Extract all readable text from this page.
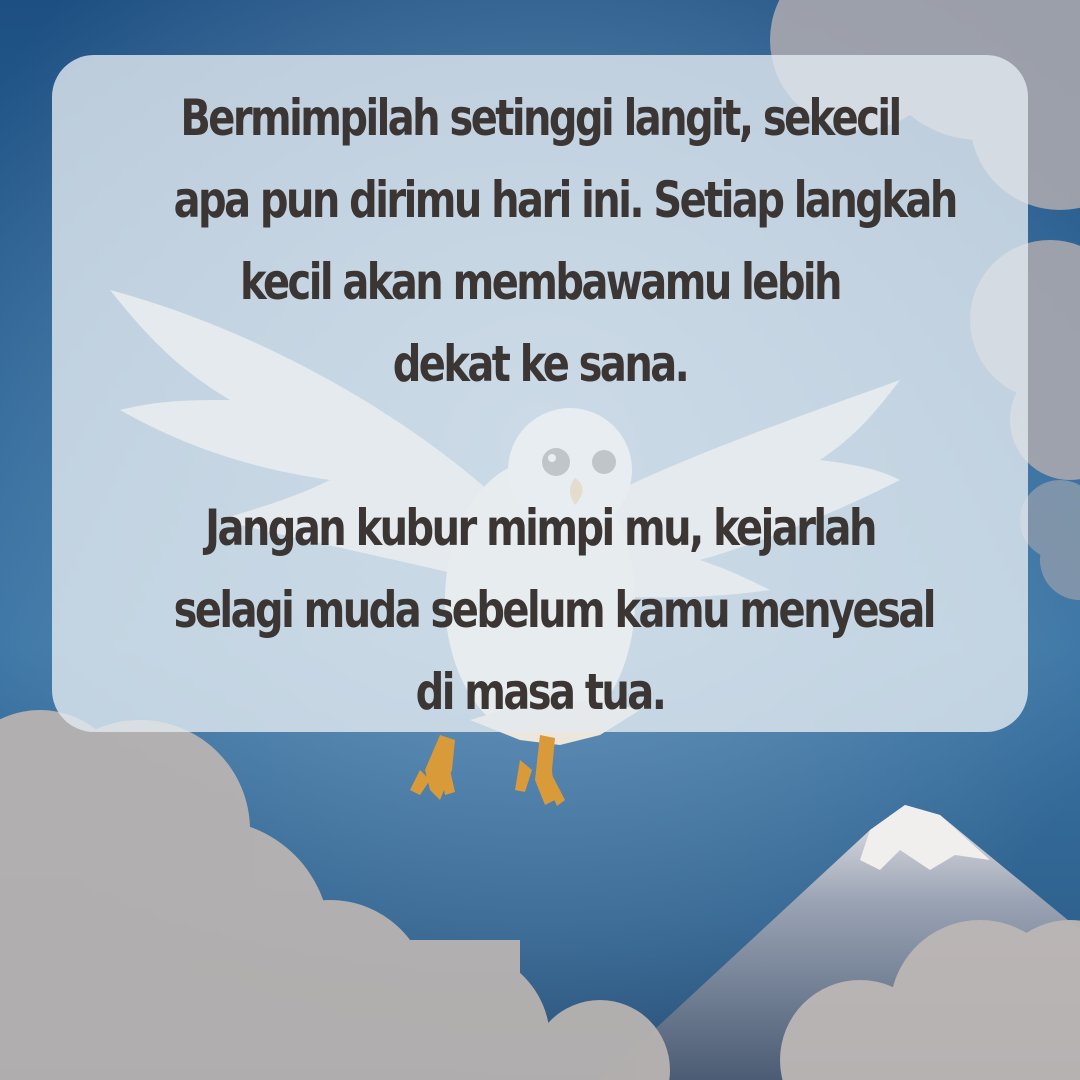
Bermimpilah setinggi langit, sekecil
apa pun dirimu hari ini. Setiap langkah
kecil akan membawamu lebih
dekat ke sana.

Jangan kubur mimpi mu, kejarlah
selagi muda sebelum kamu menyesal
di masa tua.
